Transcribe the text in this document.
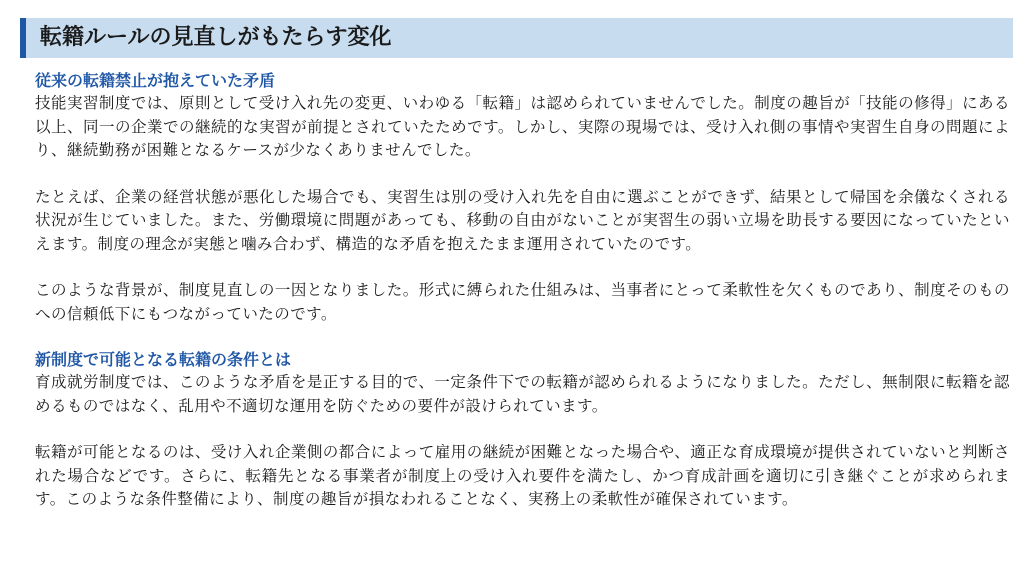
転籍ルールの見直しがもたらす変化
従来の転籍禁止が抱えていた矛盾

技能実習制度では、原則として受け入れ先の変更、いわゆる「転籍」は認められていませんでした。制度の趣旨が「技能の修得」にある以上、同一の企業での継続的な実習が前提とされていたためです。しかし、実際の現場では、受け入れ側の事情や実習生自身の問題により、継続勤務が困難となるケースが少なくありませんでした。

たとえば、企業の経営状態が悪化した場合でも、実習生は別の受け入れ先を自由に選ぶことができず、結果として帰国を余儀なくされる状況が生じていました。また、労働環境に問題があっても、移動の自由がないことが実習生の弱い立場を助長する要因になっていたといえます。制度の理念が実態と噛み合わず、構造的な矛盾を抱えたまま運用されていたのです。

このような背景が、制度見直しの一因となりました。形式に縛られた仕組みは、当事者にとって柔軟性を欠くものであり、制度そのものへの信頼低下にもつながっていたのです。

新制度で可能となる転籍の条件とは

育成就労制度では、このような矛盾を是正する目的で、一定条件下での転籍が認められるようになりました。ただし、無制限に転籍を認めるものではなく、乱用や不適切な運用を防ぐための要件が設けられています。

転籍が可能となるのは、受け入れ企業側の都合によって雇用の継続が困難となった場合や、適正な育成環境が提供されていないと判断された場合などです。さらに、転籍先となる事業者が制度上の受け入れ要件を満たし、かつ育成計画を適切に引き継ぐことが求められます。このような条件整備により、制度の趣旨が損なわれることなく、実務上の柔軟性が確保されています。
